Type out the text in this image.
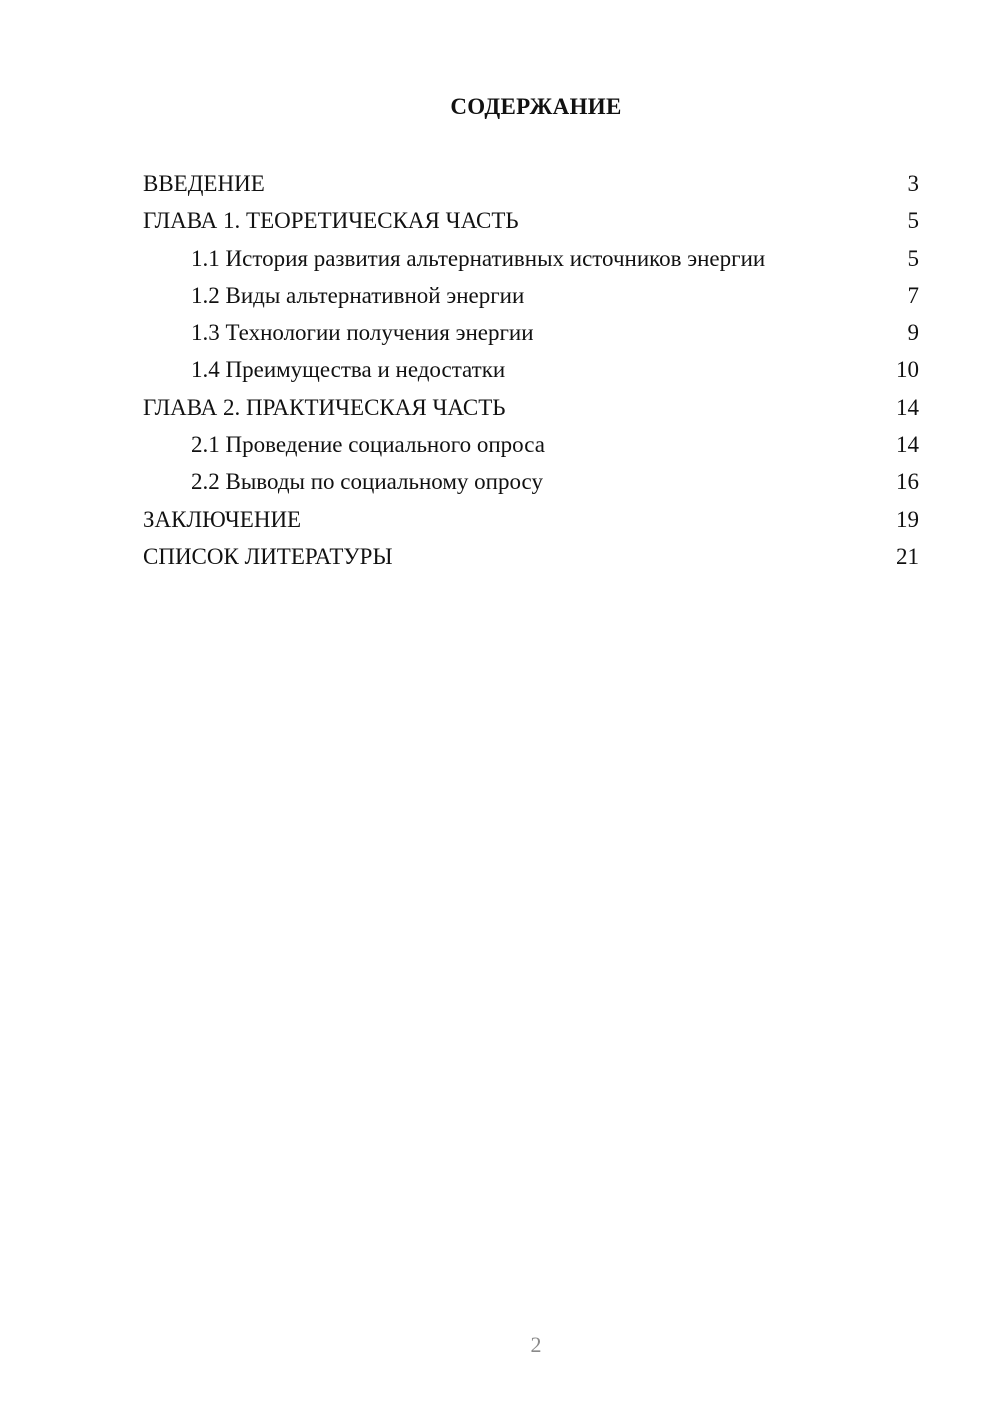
СОДЕРЖАНИЕ
ВВЕДЕНИЕ	3
ГЛАВА 1. ТЕОРЕТИЧЕСКАЯ ЧАСТЬ	5
1.1 История развития альтернативных источников энергии	5
1.2 Виды альтернативной энергии	7
1.3 Технологии получения энергии	9
1.4 Преимущества и недостатки	10
ГЛАВА 2. ПРАКТИЧЕСКАЯ ЧАСТЬ	14
2.1 Проведение социального опроса	14
2.2 Выводы по социальному опросу	16
ЗАКЛЮЧЕНИЕ	19
СПИСОК ЛИТЕРАТУРЫ	21
2
